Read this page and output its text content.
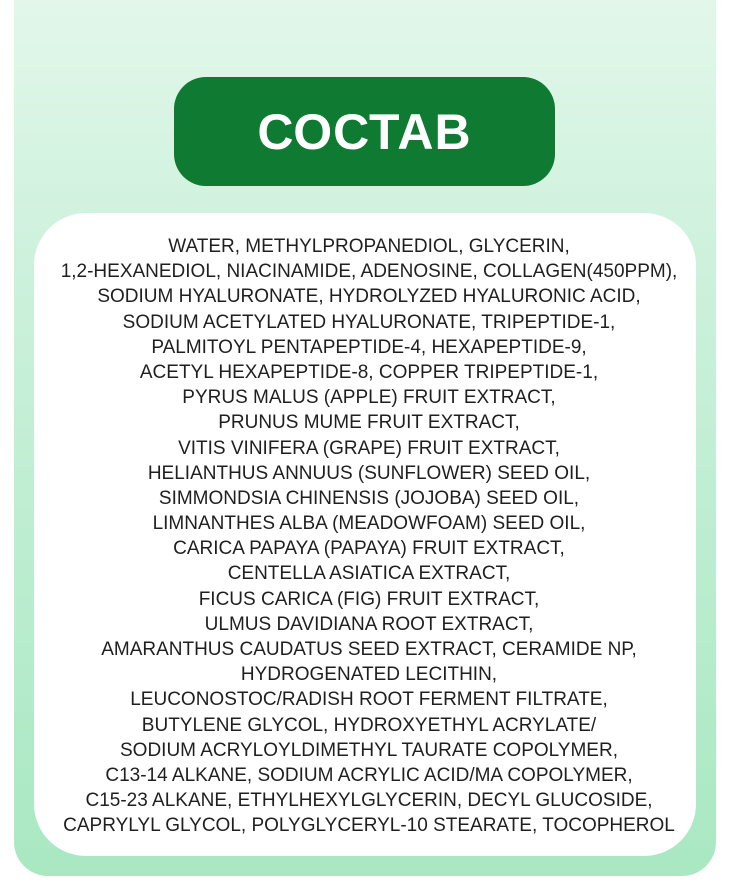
СОСТАВ
WATER, METHYLPROPANEDIOL, GLYCERIN,
1,2-HEXANEDIOL, NIACINAMIDE, ADENOSINE, COLLAGEN(450PPM),
SODIUM HYALURONATE, HYDROLYZED HYALURONIC ACID,
SODIUM ACETYLATED HYALURONATE, TRIPEPTIDE-1,
PALMITOYL PENTAPEPTIDE-4, HEXAPEPTIDE-9,
ACETYL HEXAPEPTIDE-8, COPPER TRIPEPTIDE-1,
PYRUS MALUS (APPLE) FRUIT EXTRACT,
PRUNUS MUME FRUIT EXTRACT,
VITIS VINIFERA (GRAPE) FRUIT EXTRACT,
HELIANTHUS ANNUUS (SUNFLOWER) SEED OIL,
SIMMONDSIA CHINENSIS (JOJOBA) SEED OIL,
LIMNANTHES ALBA (MEADOWFOAM) SEED OIL,
CARICA PAPAYA (PAPAYA) FRUIT EXTRACT,
CENTELLA ASIATICA EXTRACT,
FICUS CARICA (FIG) FRUIT EXTRACT,
ULMUS DAVIDIANA ROOT EXTRACT,
AMARANTHUS CAUDATUS SEED EXTRACT, CERAMIDE NP,
HYDROGENATED LECITHIN,
LEUCONOSTOC/RADISH ROOT FERMENT FILTRATE,
BUTYLENE GLYCOL, HYDROXYETHYL ACRYLATE/
SODIUM ACRYLOYLDIMETHYL TAURATE COPOLYMER,
C13-14 ALKANE, SODIUM ACRYLIC ACID/MA COPOLYMER,
C15-23 ALKANE, ETHYLHEXYLGLYCERIN, DECYL GLUCOSIDE,
CAPRYLYL GLYCOL, POLYGLYCERYL-10 STEARATE, TOCOPHEROL
